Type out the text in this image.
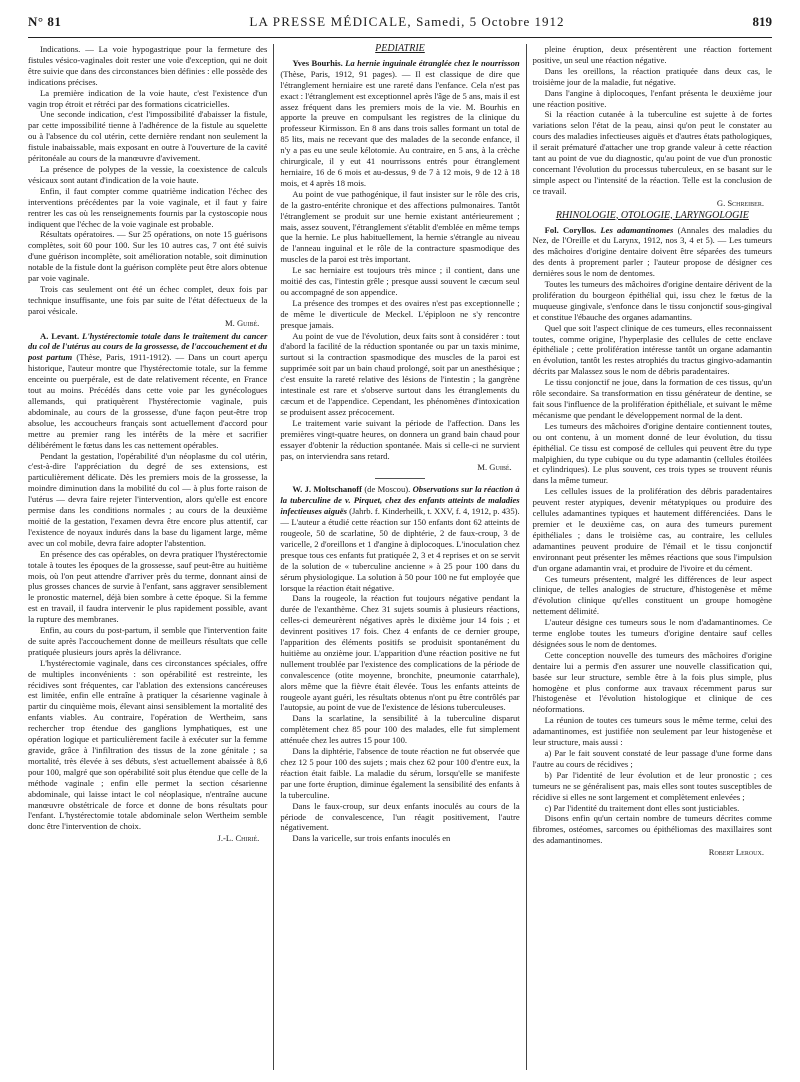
N° 81	LA PRESSE MÉDICALE, Samedi, 5 Octobre 1912	819

Indications. — La voie hypogastrique pour la fermeture des fistules vésico-vaginales doit rester une voie d'exception, qui ne doit être suivie que dans des circonstances bien définies : elle possède des indications précises.

La première indication de la voie haute, c'est l'existence d'un vagin trop étroit et rétréci par des formations cicatricielles.

Une seconde indication, c'est l'impossibilité d'abaisser la fistule, par cette impossibilité tienne à l'adhérence de la fistule au squelette ou à l'absence du col utérin, cette dernière rendant non seulement la fistule inabaissable, mais exposant en outre à l'ouverture de la cavité péritonéale au cours de la manœuvre d'avivement.

La présence de polypes de la vessie, la coexistence de calculs vésicaux sont autant d'indication de la voie haute.

Enfin, il faut compter comme quatrième indication l'échec des interventions précédentes par la voie vaginale, et il faut y faire rentrer les cas où les renseignements fournis par la cystoscopie nous indiquent que l'échec de la voie vaginale est probable.

Résultats opératoires. — Sur 25 opérations, on note 15 guérisons complètes, soit 60 pour 100. Sur les 10 autres cas, 7 ont été suivis d'une guérison incomplète, soit amélioration notable, soit diminution notable de la fistule dont la guérison complète peut être alors obtenue par voie vaginale.

Trois cas seulement ont été un échec complet, deux fois par technique insuffisante, une fois par suite de l'état défectueux de la paroi vésicale.

M. Guibé.

A. Levant. L'hystérectomie totale dans le traitement du cancer du col de l'utérus au cours de la grossesse, de l'accouchement et du post partum (Thèse, Paris, 1911-1912). — Dans un court aperçu historique, l'auteur montre que l'hystérectomie totale, sur la femme enceinte ou puerpérale, est de date relativement récente, en France tout au moins. Précédés dans cette voie par les gynécologues allemands, qui pratiquèrent l'hystérectomie vaginale, puis abdominale, au cours de la grossesse, d'une façon peut-être trop absolue, les accoucheurs français sont actuellement d'accord pour mettre au premier rang les intérêts de la mère et sacrifier délibérément le fœtus dans les cas nettement opérables.

Pendant la gestation, l'opérabilité d'un néoplasme du col utérin, c'est-à-dire l'appréciation du degré de ses extensions, est particulièrement délicate. Dès les premiers mois de la grossesse, la moindre diminution dans la mobilité du col — à plus forte raison de l'utérus — devra faire rejeter l'intervention, alors qu'elle est encore permise dans les conditions normales ; au cours de la deuxième moitié de la gestation, l'examen devra être encore plus attentif, car l'existence de noyaux indurés dans la base du ligament large, même avec un col mobile, devra faire adopter l'abstention.

En présence des cas opérables, on devra pratiquer l'hystérectomie totale à toutes les époques de la grossesse, sauf peut-être au huitième mois, où l'on peut attendre d'arriver près du terme, donnant ainsi de plus grosses chances de survie à l'enfant, sans aggraver sensiblement le pronostic maternel, déjà bien sombre à cette époque. Si la femme est en travail, il faudra intervenir le plus rapidement possible, avant la rupture des membranes.

Enfin, au cours du post-partum, il semble que l'intervention faite de suite après l'accouchement donne de meilleurs résultats que celle pratiquée plusieurs jours après la délivrance.

L'hystérectomie vaginale, dans ces circonstances spéciales, offre de multiples inconvénients : son opérabilité est restreinte, les récidives sont fréquentes, car l'ablation des extensions cancéreuses est limitée, enfin elle entraîne à pratiquer la césarienne vaginale à partir du cinquième mois, élevant ainsi sensiblement la mortalité des enfants viables. Au contraire, l'opération de Wertheim, sans rechercher trop étendue des ganglions lymphatiques, est une opération logique et particulièrement facile à exécuter sur la femme gravide, grâce à l'infiltration des tissus de la zone génitale ; sa mortalité, très élevée à ses débuts, s'est actuellement abaissée à 8,6 pour 100, malgré que son opérabilité soit plus étendue que celle de la méthode vaginale ; enfin elle permet la section césarienne abdominale, qui laisse intact le col néoplasique, n'entraîne aucune manœuvre obstétricale de force et donne de bons résultats pour l'enfant. L'hystérectomie totale abdominale selon Wertheim semble donc être l'intervention de choix.

J.-L. Chirié.

PÉDIATRIE

Yves Bourhis. La hernie inguinale étranglée chez le nourrisson (Thèse, Paris, 1912, 91 pages). — Il est classique de dire que l'étranglement herniaire est une rareté dans l'enfance. Cela n'est pas exact : l'étranglement est exceptionnel après l'âge de 5 ans, mais il est assez fréquent dans les premiers mois de la vie. M. Bourhis en apporte la preuve en compulsant les registres de la clinique du professeur Kirmisson. En 8 ans dans trois salles formant un total de 85 lits, mais ne recevant que des malades de la seconde enfance, il n'y a pas eu une seule kélotomie. Au contraire, en 5 ans, à la crèche chirurgicale, il y eut 41 nourrissons entrés pour étranglement herniaire, 16 de 6 mois et au-dessus, 9 de 7 à 12 mois, 9 de 12 à 18 mois, et 4 après 18 mois.

Au point de vue pathogénique, il faut insister sur le rôle des cris, de la gastro-entérite chronique et des affections pulmonaires. Tantôt l'étranglement se produit sur une hernie existant antérieurement ; mais, assez souvent, l'étranglement s'établit d'emblée en même temps que la hernie. Le plus habituellement, la hernie s'étrangle au niveau de l'anneau inguinal et le rôle de la contracture spasmodique des muscles de la paroi est très important.

Le sac herniaire est toujours très mince ; il contient, dans une moitié des cas, l'intestin grêle ; presque aussi souvent le cæcum seul ou accompagné de son appendice.

La présence des trompes et des ovaires n'est pas exceptionnelle ; de même le diverticule de Meckel. L'épiploon ne s'y rencontre presque jamais.

Au point de vue de l'évolution, deux faits sont à considérer : tout d'abord la facilité de la réduction spontanée ou par un taxis minime, surtout si la contraction spasmodique des muscles de la paroi est supprimée soit par un bain chaud prolongé, soit par un anesthésique ; c'est ensuite la rareté relative des lésions de l'intestin ; la gangrène intestinale est rare et s'observe surtout dans les étranglements du cæcum et de l'appendice. Cependant, les phénomènes d'intoxication se produisent assez précocement.

Le traitement varie suivant la période de l'affection. Dans les premières vingt-quatre heures, on donnera un grand bain chaud pour essayer d'obtenir la réduction spontanée. Mais si celle-ci ne survient pas, on interviendra sans retard.

M. Guibé.

W. J. Moltschanoff (de Moscou). Observations sur la réaction à la tuberculine de v. Pirquet, chez des enfants atteints de maladies infectieuses aiguës (Jahrb. f. Kinderheilk, t. XXV, f. 4, 1912, p. 435). — L'auteur a étudié cette réaction sur 150 enfants dont 62 atteints de rougeole, 50 de scarlatine, 50 de diphtérie, 2 de faux-croup, 3 de varicelle, 2 d'oreillons et 1 d'angine à diplocoques. L'inoculation chez presque tous ces enfants fut pratiquée 2, 3 et 4 reprises et on se servit de la solution de « tuberculine ancienne » à 25 pour 100 dans du sérum physiologique. La solution à 50 pour 100 ne fut employée que lorsque la réaction était négative.

Dans la rougeole, la réaction fut toujours négative pendant la durée de l'exanthème. Chez 31 sujets soumis à plusieurs réactions, celles-ci demeurèrent négatives après le dixième jour 14 fois ; et devinrent positives 17 fois. Chez 4 enfants de ce dernier groupe, l'apparition des éléments positifs se produisit spontanément du huitième au onzième jour. L'apparition d'une réaction positive ne fut nullement troublée par l'existence des complications de la période de convalescence (otite moyenne, bronchite, pneumonie catarrhale), alors même que la fièvre était élevée. Tous les enfants atteints de rougeole ayant guéri, les résultats obtenus n'ont pu être contrôlés par l'autopsie, au point de vue de l'existence de lésions tuberculeuses.

Dans la scarlatine, la sensibilité à la tuberculine disparut complètement chez 85 pour 100 des malades, elle fut simplement atténuée chez les autres 15 pour 100.

Dans la diphtérie, l'absence de toute réaction ne fut observée que chez 12 5 pour 100 des sujets ; mais chez 62 pour 100 d'entre eux, la réaction était faible. La maladie du sérum, lorsqu'elle se manifeste par une forte éruption, diminue également la sensibilité des enfants à la tuberculine.

Dans le faux-croup, sur deux enfants inoculés au cours de la période de convalescence, l'un réagit positivement, l'autre négativement.

Dans la varicelle, sur trois enfants inoculés en

pleine éruption, deux présentèrent une réaction fortement positive, un seul une réaction négative.

Dans les oreillons, la réaction pratiquée dans deux cas, le troisième jour de la maladie, fut négative.

Dans l'angine à diplocoques, l'enfant présenta le deuxième jour une réaction positive.

Si la réaction cutanée à la tuberculine est sujette à de fortes variations selon l'état de la peau, ainsi qu'on peut le constater au cours des maladies infectieuses aiguës et d'autres états pathologiques, il serait prématuré d'attacher une trop grande valeur à cette réaction tant au point de vue du diagnostic, qu'au point de vue d'un pronostic concernant l'évolution du processus tuberculeux, en se basant sur le simple aspect ou l'intensité de la réaction. Telle est la conclusion de ce travail.

G. Schreiber.

RHINOLOGIE, OTOLOGIE, LARYNGOLOGIE

Fol. Coryllos. Les adamantinomes (Annales des maladies du Nez, de l'Oreille et du Larynx, 1912, nos 3, 4 et 5). — Les tumeurs des mâchoires d'origine dentaire doivent être séparées des tumeurs des dents à proprement parler ; l'auteur propose de désigner ces dernières sous le nom de dentomes.

Toutes les tumeurs des mâchoires d'origine dentaire dérivent de la prolifération du bourgeon épithélial qui, issu chez le fœtus de la muqueuse gingivale, s'enfonce dans le tissu conjonctif sous-gingival et constitue l'ébauche des organes adamantins.

Quel que soit l'aspect clinique de ces tumeurs, elles reconnaissent toutes, comme origine, l'hyperplasie des cellules de cette enclave épithéliale ; cette prolifération intéresse tantôt un organe adamantin en évolution, tantôt les restes atrophiés du tractus gingivo-adamantin décrits par Malassez sous le nom de débris paradentaires.

Le tissu conjonctif ne joue, dans la formation de ces tissus, qu'un rôle secondaire. Sa transformation en tissu générateur de dentine, se fait sous l'influence de la prolifération épithéliale, et suivant le même mécanisme que pendant le développement normal de la dent.

Les tumeurs des mâchoires d'origine dentaire contiennent toutes, ou ont contenu, à un moment donné de leur évolution, du tissu épithélial. Ce tissu est composé de cellules qui peuvent être du type malpighien, du type cubique ou du type adamantin (cellules étoilées et cylindriques). Le plus souvent, ces trois types se trouvent réunis dans la même tumeur.

Les cellules issues de la prolifération des débris paradentaires peuvent rester atypiques, devenir métatypiques ou produire des cellules adamantines typiques et hautement différenciées. Dans le premier et le deuxième cas, on aura des tumeurs purement épithéliales ; dans le troisième cas, au contraire, les cellules adamantines peuvent produire de l'émail et le tissu conjonctif environnant peut présenter les mêmes réactions que sous l'impulsion d'un organe adamantin vrai, et produire de l'ivoire et du cément.

Ces tumeurs présentent, malgré les différences de leur aspect clinique, de telles analogies de structure, d'histogenèse et même d'évolution clinique qu'elles constituent un groupe homogène nettement délimité.

L'auteur désigne ces tumeurs sous le nom d'adamantinomes. Ce terme englobe toutes les tumeurs d'origine dentaire sauf celles désignées sous le nom de dentomes.

Cette conception nouvelle des tumeurs des mâchoires d'origine dentaire lui a permis d'en assurer une nouvelle classification qui, basée sur leur structure, semble être à la fois plus simple, plus homogène et plus conforme aux travaux récemment parus sur l'histogenèse et l'évolution histologique et clinique de ces néoformations.

La réunion de toutes ces tumeurs sous le même terme, celui des adamantinomes, est justifiée non seulement par leur histogenèse et leur structure, mais aussi :

a) Par le fait souvent constaté de leur passage d'une forme dans l'autre au cours de récidives ;

b) Par l'identité de leur évolution et de leur pronostic ; ces tumeurs ne se généralisent pas, mais elles sont toutes susceptibles de récidive si elles ne sont largement et complètement enlevées ;

c) Par l'identité du traitement dont elles sont justiciables.

Disons enfin qu'un certain nombre de tumeurs décrites comme fibromes, ostéomes, sarcomes ou épithéliomas des maxillaires sont des adamantinomes.

Robert Leroux.
